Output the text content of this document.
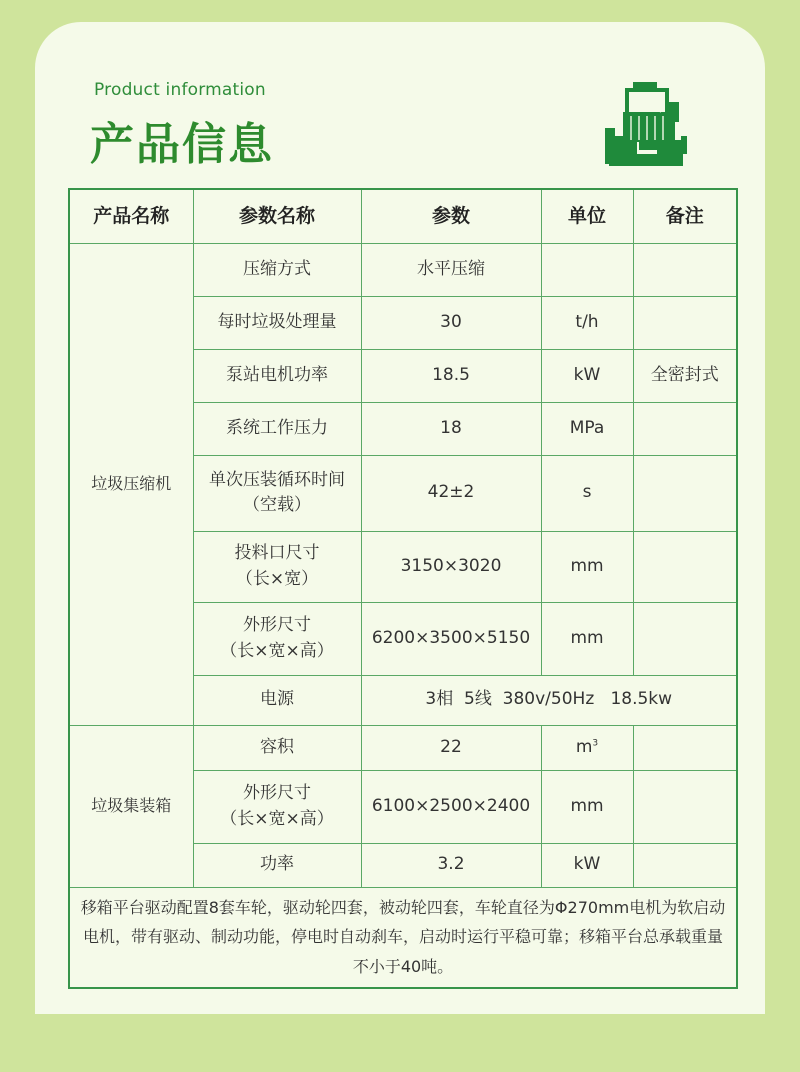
Product information
产品信息
产品名称	参数名称	参数	单位	备注
垃圾压缩机	压缩方式	水平压缩		
	每时垃圾处理量	30	t/h	
	泵站电机功率	18.5	kW	全密封式
	系统工作压力	18	MPa	
	单次压装循环时间
（空载）	42±2	s	
	投料口尺寸
（长×宽）	3150×3020	mm	
	外形尺寸
（长×宽×高）	6200×3500×5150	mm	
	电源	3相  5线  380v/50Hz   18.5kw		
垃圾集装箱	容积	22	$m^3$	
	外形尺寸
（长×宽×高）	6100×2500×2400	mm	
	功率	3.2	kW	
移箱平台驱动配置8套车轮，驱动轮四套，被动轮四套，车轮直径为Φ270mm电机为软启动电机，带有驱动、制动功能，停电时自动刹车，启动时运行平稳可靠；移箱平台总承载重量不小于40吨。				
